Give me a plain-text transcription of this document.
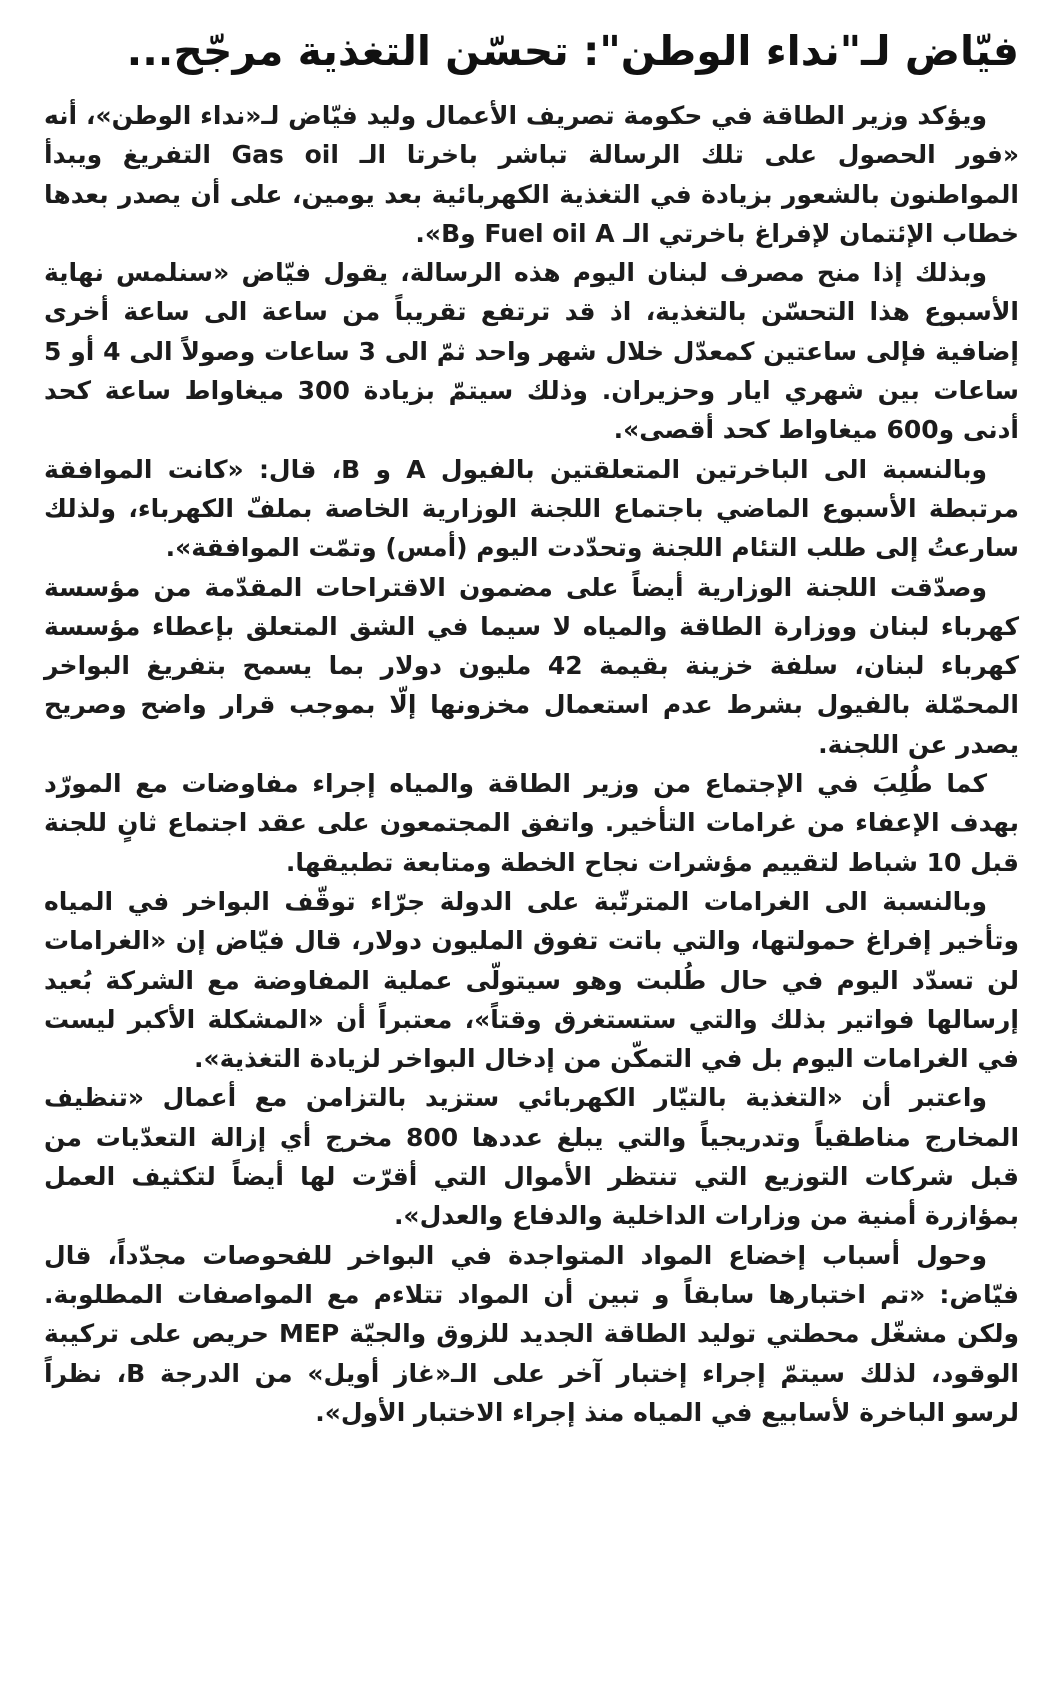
فيّاض لـ"نداء الوطن": تحسّن التغذية مرجّح...

ويؤكد وزير الطاقة في حكومة تصريف الأعمال وليد فيّاض لـ«نداء الوطن»، أنه «فور الحصول على تلك الرسالة تباشر باخرتا الـ Gas oil التفريغ ويبدأ المواطنون بالشعور بزيادة في التغذية الكهربائية بعد يومين، على أن يصدر بعدها خطاب الإئتمان لإفراغ باخرتي الـ Fuel oil A وB».

وبذلك إذا منح مصرف لبنان اليوم هذه الرسالة، يقول فيّاض «سنلمس نهاية الأسبوع هذا التحسّن بالتغذية، اذ قد ترتفع تقريباً من ساعة الى ساعة أخرى إضافية فإلى ساعتين كمعدّل خلال شهر واحد ثمّ الى 3 ساعات وصولاً الى 4 أو 5 ساعات بين شهري ايار وحزيران. وذلك سيتمّ بزيادة 300 ميغاواط ساعة كحد أدنى و600 ميغاواط كحد أقصى».

وبالنسبة الى الباخرتين المتعلقتين بالفيول A و B، قال: «كانت الموافقة مرتبطة الأسبوع الماضي باجتماع اللجنة الوزارية الخاصة بملفّ الكهرباء، ولذلك سارعتُ إلى طلب التئام اللجنة وتحدّدت اليوم (أمس) وتمّت الموافقة».

وصدّقت اللجنة الوزارية أيضاً على مضمون الاقتراحات المقدّمة من مؤسسة كهرباء لبنان ووزارة الطاقة والمياه لا سيما في الشق المتعلق بإعطاء مؤسسة كهرباء لبنان، سلفة خزينة بقيمة 42 مليون دولار بما يسمح بتفريغ البواخر المحمّلة بالفيول بشرط عدم استعمال مخزونها إلّا بموجب قرار واضح وصريح يصدر عن اللجنة.

كما طُلِبَ في الإجتماع من وزير الطاقة والمياه إجراء مفاوضات مع المورّد بهدف الإعفاء من غرامات التأخير. واتفق المجتمعون على عقد اجتماع ثانٍ للجنة قبل 10 شباط لتقييم مؤشرات نجاح الخطة ومتابعة تطبيقها.

وبالنسبة الى الغرامات المترتّبة على الدولة جرّاء توقّف البواخر في المياه وتأخير إفراغ حمولتها، والتي باتت تفوق المليون دولار، قال فيّاض إن «الغرامات لن تسدّد اليوم في حال طُلبت وهو سيتولّى عملية المفاوضة مع الشركة بُعيد إرسالها فواتير بذلك والتي ستستغرق وقتاً»، معتبراً أن «المشكلة الأكبر ليست في الغرامات اليوم بل في التمكّن من إدخال البواخر لزيادة التغذية».

واعتبر أن «التغذية بالتيّار الكهربائي ستزيد بالتزامن مع أعمال «تنظيف المخارج مناطقياً وتدريجياً والتي يبلغ عددها 800 مخرج أي إزالة التعدّيات من قبل شركات التوزيع التي تنتظر الأموال التي أقرّت لها أيضاً لتكثيف العمل بمؤازرة أمنية من وزارات الداخلية والدفاع والعدل».

وحول أسباب إخضاع المواد المتواجدة في البواخر للفحوصات مجدّداً، قال فيّاض: «تم اختبارها سابقاً و تبين أن المواد تتلاءم مع المواصفات المطلوبة. ولكن مشغّل محطتي توليد الطاقة الجديد للزوق والجيّة MEP حريص على تركيبة الوقود، لذلك سيتمّ إجراء إختبار آخر على الـ«غاز أويل» من الدرجة B، نظراً لرسو الباخرة لأسابيع في المياه منذ إجراء الاختبار الأول».
